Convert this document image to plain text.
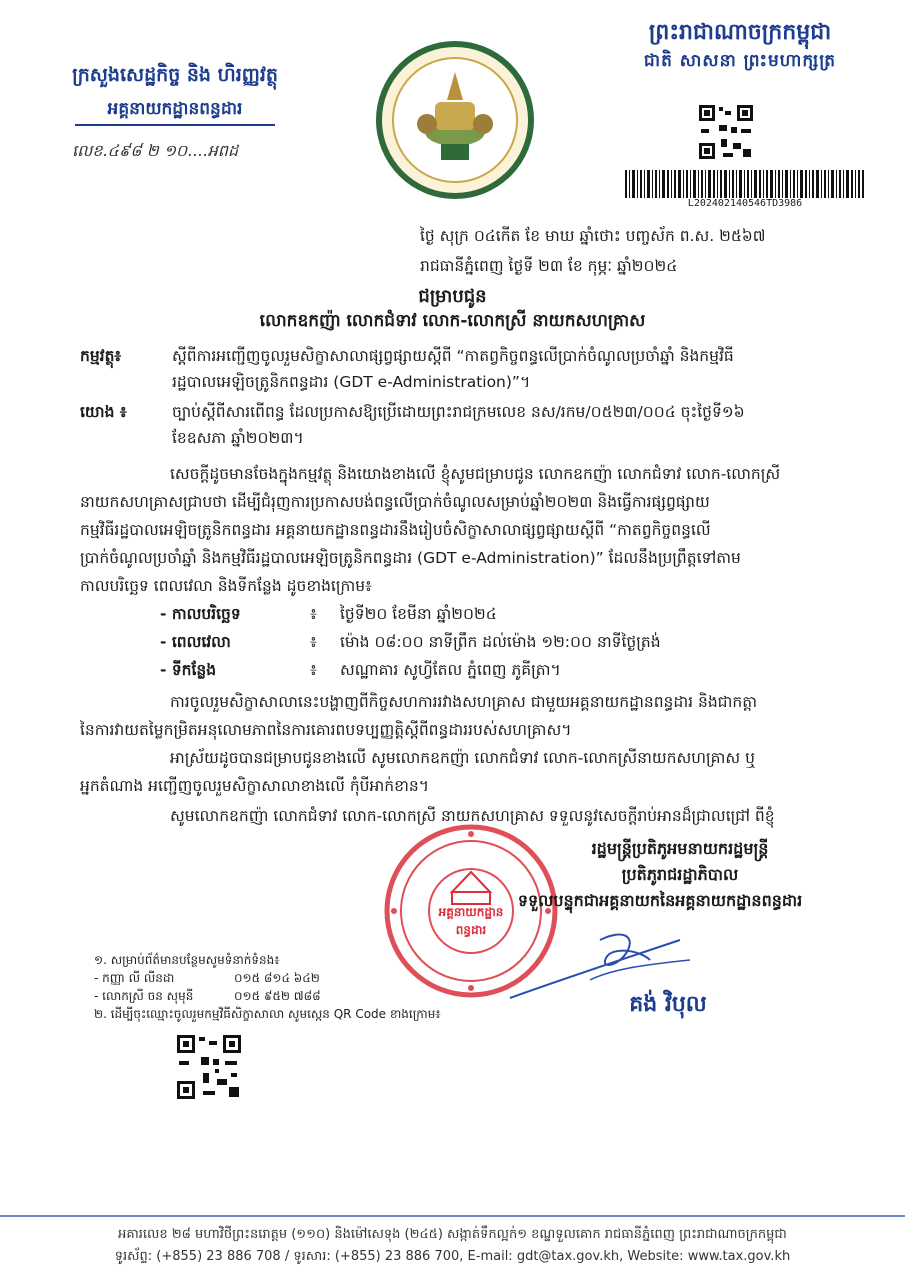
ក្រសួងសេដ្ឋកិច្ច និង ហិរញ្ញវត្ថុ
អគ្គនាយកដ្ឋានពន្ធដារ
លេខ.៤៩៨ ២ ១០....អពដ
ព្រះរាជាណាចក្រកម្ពុជា
ជាតិ សាសនា ព្រះមហាក្សត្រ
L202402140546TD3986
ថ្ងៃ សុក្រ ០៤កើត ខែ មាឃ ឆ្នាំថោះ បញ្ចស័ក ព.ស. ២៥៦៧
រាជធានីភ្នំពេញ ថ្ងៃទី ២៣ ខែ កុម្ភៈ ឆ្នាំ២០២៤
ជម្រាបជូន
លោកឧកញ៉ា លោកជំទាវ លោក-លោកស្រី នាយកសហគ្រាស
កម្មវត្ថុ៖	ស្តីពីការអញ្ជើញចូលរួមសិក្ខាសាលាផ្សព្វផ្សាយស្តីពី “កាតព្វកិច្ចពន្ធលើប្រាក់ចំណូលប្រចាំឆ្នាំ និងកម្មវិធី
រដ្ឋបាលអេឡិចត្រូនិកពន្ធដារ (GDT e-Administration)”។
យោង ៖	ច្បាប់ស្តីពីសារពើពន្ធ ដែលប្រកាសឱ្យប្រើដោយព្រះរាជក្រមលេខ នស/រកម/០៥២៣/០០៤ ចុះថ្ងៃទី១៦
ខែឧសភា ឆ្នាំ២០២៣។
សេចក្តីដូចមានចែងក្នុងកម្មវត្ថុ និងយោងខាងលើ ខ្ញុំសូមជម្រាបជូន លោកឧកញ៉ា លោកជំទាវ លោក-លោកស្រី
នាយកសហគ្រាសជ្រាបថា ដើម្បីជំរុញការប្រកាសបង់ពន្ធលើប្រាក់ចំណូលសម្រាប់ឆ្នាំ២០២៣ និងធ្វើការផ្សព្វផ្សាយ
កម្មវិធីរដ្ឋបាលអេឡិចត្រូនិកពន្ធដារ អគ្គនាយកដ្ឋានពន្ធដារនឹងរៀបចំសិក្ខាសាលាផ្សព្វផ្សាយស្តីពី “កាតព្វកិច្ចពន្ធលើ
ប្រាក់ចំណូលប្រចាំឆ្នាំ និងកម្មវិធីរដ្ឋបាលអេឡិចត្រូនិកពន្ធដារ (GDT e-Administration)” ដែលនឹងប្រព្រឹត្តទៅតាម
កាលបរិច្ឆេទ ពេលវេលា និងទីកន្លែង ដូចខាងក្រោម៖
- កាលបរិច្ឆេទ	៖	ថ្ងៃទី២០ ខែមីនា ឆ្នាំ២០២៤
- ពេលវេលា	៖	ម៉ោង ០៨:០០ នាទីព្រឹក ដល់ម៉ោង ១២:០០ នាទីថ្ងៃត្រង់
- ទីកន្លែង	៖	សណ្ឋាគារ សូហ្វីតែល ភ្នំពេញ ភូគីត្រា។
ការចូលរួមសិក្ខាសាលានេះបង្ហាញពីកិច្ចសហការរវាងសហគ្រាស ជាមួយអគ្គនាយកដ្ឋានពន្ធដារ និងជាកត្តា
នៃការវាយតម្លៃកម្រិតអនុលោមភាពនៃការគោរពបទប្បញ្ញត្តិស្តីពីពន្ធដាររបស់សហគ្រាស។
អាស្រ័យដូចបានជម្រាបជូនខាងលើ សូមលោកឧកញ៉ា លោកជំទាវ លោក-លោកស្រីនាយកសហគ្រាស ឬ
អ្នកតំណាង អញ្ជើញចូលរួមសិក្ខាសាលាខាងលើ កុំបីអាក់ខាន។
សូមលោកឧកញ៉ា លោកជំទាវ លោក-លោកស្រី នាយកសហគ្រាស ទទួលនូវសេចក្តីរាប់អានដ៏ជ្រាលជ្រៅ ពីខ្ញុំ
អគ្គនាយកដ្ឋាន ពន្ធដារ
រដ្ឋមន្ត្រីប្រតិភូអមនាយករដ្ឋមន្ត្រី
ប្រតិភូរាជរដ្ឋាភិបាល
ទទួលបន្ទុកជាអគ្គនាយកនៃអគ្គនាយកដ្ឋានពន្ធដារ
គង់ វិបុល
១. សម្រាប់ព័ត៌មានបន្ថែមសូមទំនាក់ទំនង៖
- កញ្ញា លី លីនដា	០១៥ ៨១៤ ៦៤២
- លោកស្រី ចន សុមុនី	០១៥ ៩៥២ ៧៨៨
២. ដើម្បីចុះឈ្មោះចូលរួមកម្មវិធីសិក្ខាសាលា សូមស្កេន QR Code ខាងក្រោម៖
អគារលេខ ២៨ មហាវិថីព្រះនរោត្តម (១១០) និងម៉ៅសេទុង (២៤៥) សង្កាត់ទឹកល្អក់១ ខណ្ឌទួលគោក រាជធានីភ្នំពេញ ព្រះរាជាណាចក្រកម្ពុជា
ទូរស័ព្ទ: (+855) 23 886 708 / ទូរសារ: (+855) 23 886 700, E-mail: gdt@tax.gov.kh, Website: www.tax.gov.kh
